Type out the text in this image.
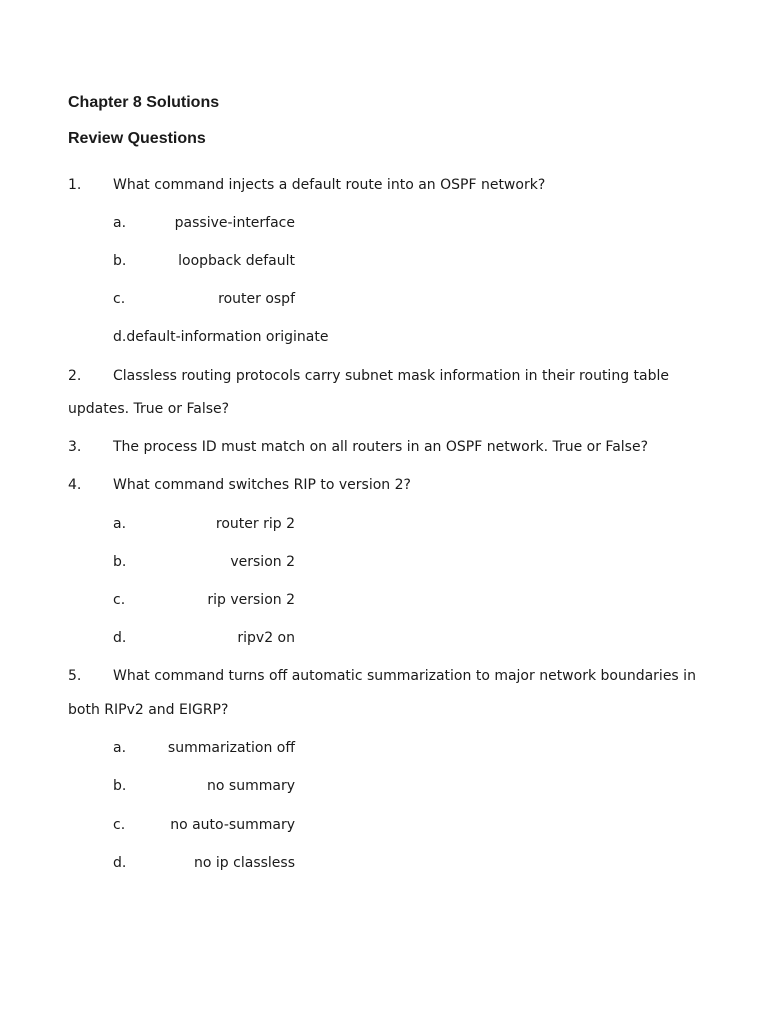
Chapter 8 Solutions
Review Questions
1. What command injects a default route into an OSPF network?
a.	passive-interface
b.	loopback default
c.	router ospf
d.default-information originate
2. Classless routing protocols carry subnet mask information in their routing table
updates. True or False?
3. The process ID must match on all routers in an OSPF network. True or False?
4. What command switches RIP to version 2?
a.	router rip 2
b.	version 2
c.	rip version 2
d.	ripv2 on
5. What command turns off automatic summarization to major network boundaries in
both RIPv2 and EIGRP?
a.	summarization off
b.	no summary
c.	no auto-summary
d.	no ip classless
